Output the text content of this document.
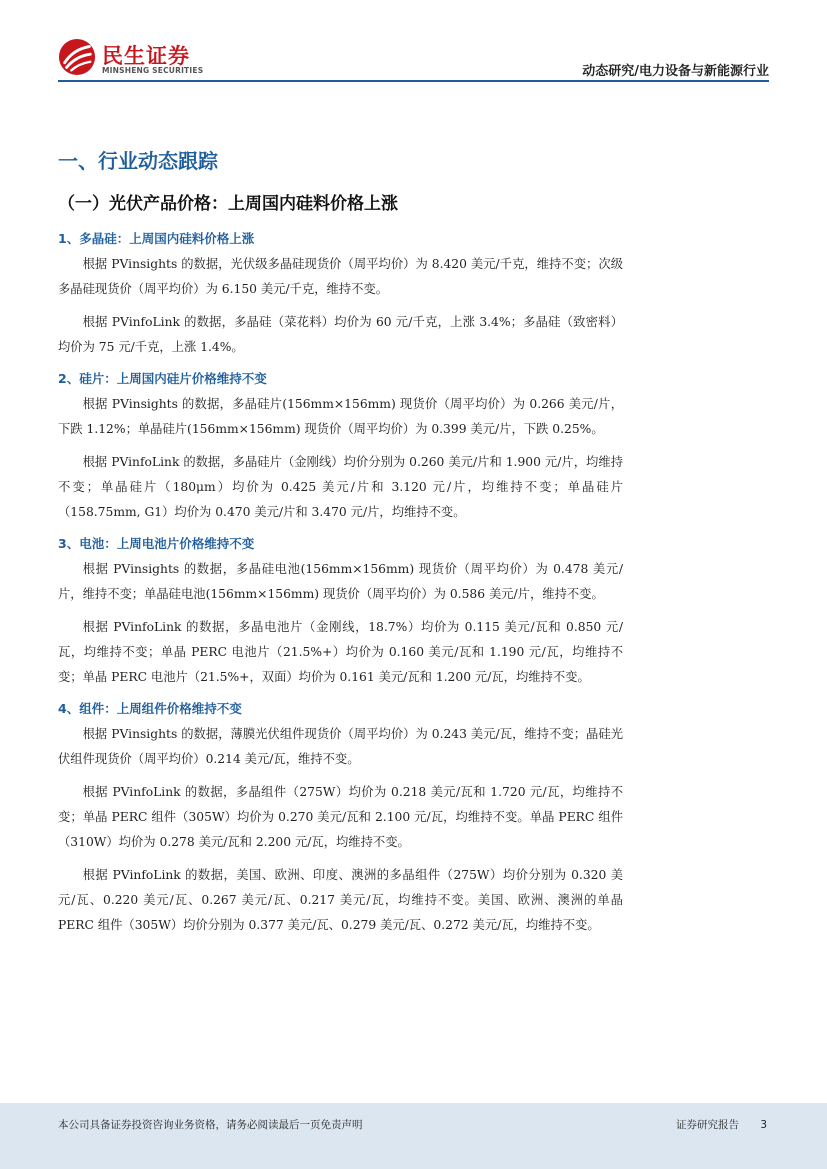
民生证券
MINSHENG SECURITIES	动态研究/电力设备与新能源行业
一、行业动态跟踪
（一）光伏产品价格：上周国内硅料价格上涨
1、多晶硅：上周国内硅料价格上涨

根据 PVinsights 的数据，光伏级多晶硅现货价（周平均价）为 8.420 美元/千克，维持不变；次级多晶硅现货价（周平均价）为 6.150 美元/千克，维持不变。

根据 PVinfoLink 的数据，多晶硅（菜花料）均价为 60 元/千克，上涨 3.4%；多晶硅（致密料）均价为 75 元/千克，上涨 1.4%。

2、硅片：上周国内硅片价格维持不变

根据 PVinsights 的数据，多晶硅片(156mm×156mm) 现货价（周平均价）为 0.266 美元/片，下跌 1.12%；单晶硅片(156mm×156mm) 现货价（周平均价）为 0.399 美元/片，下跌 0.25%。

根据 PVinfoLink 的数据，多晶硅片（金刚线）均价分别为 0.260 美元/片和 1.900 元/片，均维持不变；单晶硅片（180μm）均价为 0.425 美元/片和 3.120 元/片，均维持不变；单晶硅片（158.75mm, G1）均价为 0.470 美元/片和 3.470 元/片，均维持不变。

3、电池：上周电池片价格维持不变

根据 PVinsights 的数据，多晶硅电池(156mm×156mm) 现货价（周平均价）为 0.478 美元/片，维持不变；单晶硅电池(156mm×156mm) 现货价（周平均价）为 0.586 美元/片，维持不变。

根据 PVinfoLink 的数据，多晶电池片（金刚线，18.7%）均价为 0.115 美元/瓦和 0.850 元/瓦，均维持不变；单晶 PERC 电池片（21.5%+）均价为 0.160 美元/瓦和 1.190 元/瓦，均维持不变；单晶 PERC 电池片（21.5%+，双面）均价为 0.161 美元/瓦和 1.200 元/瓦，均维持不变。

4、组件：上周组件价格维持不变

根据 PVinsights 的数据，薄膜光伏组件现货价（周平均价）为 0.243 美元/瓦，维持不变；晶硅光伏组件现货价（周平均价）0.214 美元/瓦，维持不变。

根据 PVinfoLink 的数据，多晶组件（275W）均价为 0.218 美元/瓦和 1.720 元/瓦，均维持不变；单晶 PERC 组件（305W）均价为 0.270 美元/瓦和 2.100 元/瓦，均维持不变。单晶 PERC 组件（310W）均价为 0.278 美元/瓦和 2.200 元/瓦，均维持不变。

根据 PVinfoLink 的数据，美国、欧洲、印度、澳洲的多晶组件（275W）均价分别为 0.320 美元/瓦、0.220 美元/瓦、0.267 美元/瓦、0.217 美元/瓦，均维持不变。美国、欧洲、澳洲的单晶 PERC 组件（305W）均价分别为 0.377 美元/瓦、0.279 美元/瓦、0.272 美元/瓦，均维持不变。

本公司具备证券投资咨询业务资格，请务必阅读最后一页免责声明	证券研究报告 3
